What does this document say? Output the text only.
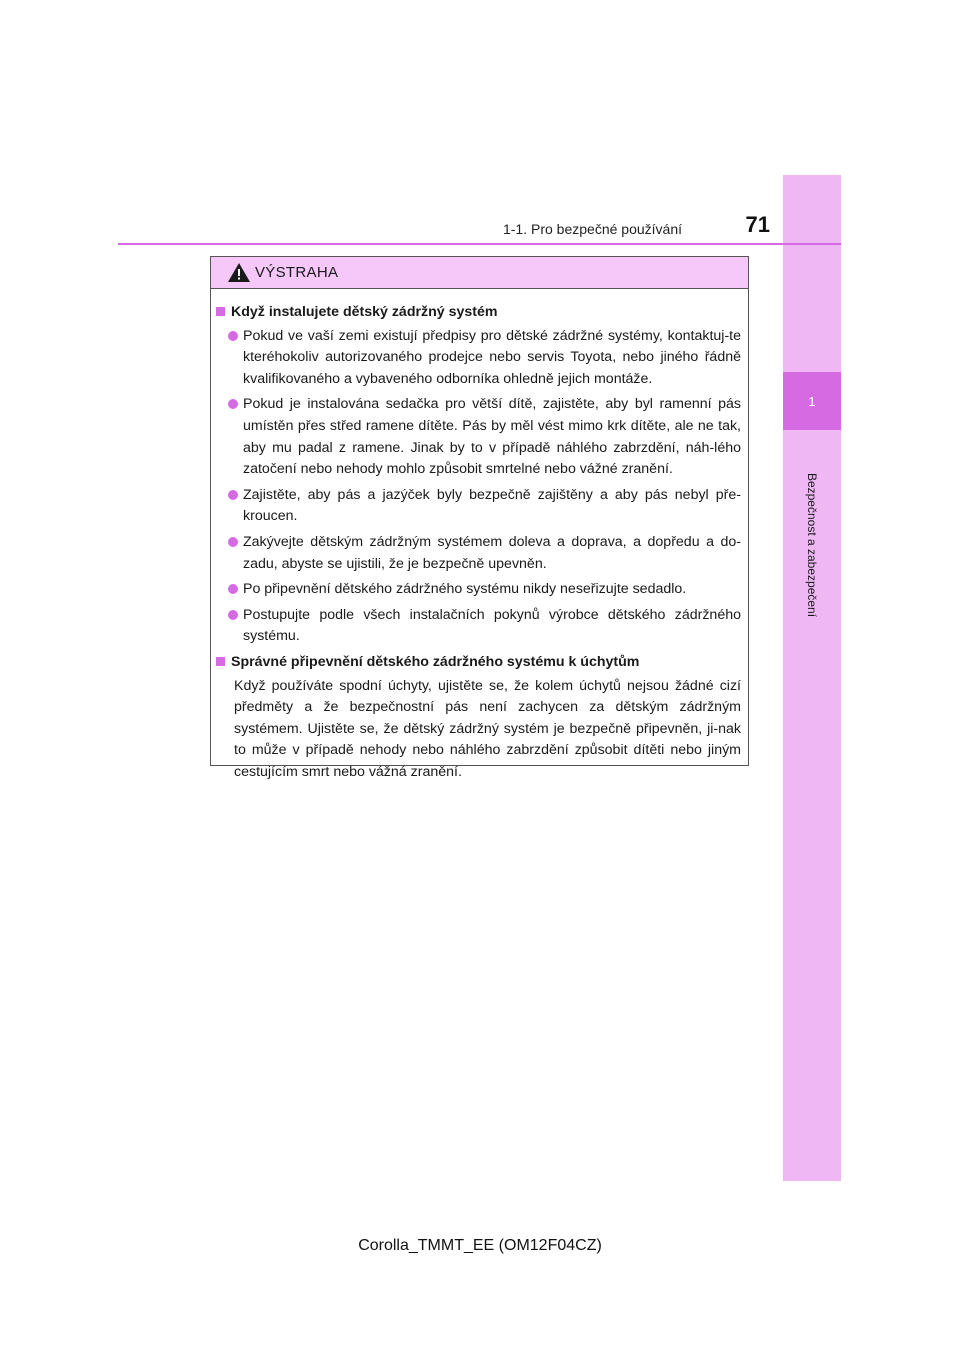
1
Bezpečnost a zabezpečení
1-1. Pro bezpečné používání	71
VÝSTRAHA
Když instalujete dětský zádržný systém
Pokud ve vaší zemi existují předpisy pro dětské zádržné systémy, kontaktuj-te kteréhokoliv autorizovaného prodejce nebo servis Toyota, nebo jiného řádně kvalifikovaného a vybaveného odborníka ohledně jejich montáže.
Pokud je instalována sedačka pro větší dítě, zajistěte, aby byl ramenní pás umístěn přes střed ramene dítěte. Pás by měl vést mimo krk dítěte, ale ne tak, aby mu padal z ramene. Jinak by to v případě náhlého zabrzdění, náh-lého zatočení nebo nehody mohlo způsobit smrtelné nebo vážné zranění.
Zajistěte, aby pás a jazýček byly bezpečně zajištěny a aby pás nebyl pře-kroucen.
Zakývejte dětským zádržným systémem doleva a doprava, a dopředu a do-zadu, abyste se ujistili, že je bezpečně upevněn.
Po připevnění dětského zádržného systému nikdy neseřizujte sedadlo.
Postupujte podle všech instalačních pokynů výrobce dětského zádržného systému.
Správné připevnění dětského zádržného systému k úchytům
Když používáte spodní úchyty, ujistěte se, že kolem úchytů nejsou žádné cizí předměty a že bezpečnostní pás není zachycen za dětským zádržným systémem. Ujistěte se, že dětský zádržný systém je bezpečně připevněn, ji-nak to může v případě nehody nebo náhlého zabrzdění způsobit dítěti nebo jiným cestujícím smrt nebo vážná zranění.
Corolla_TMMT_EE (OM12F04CZ)
